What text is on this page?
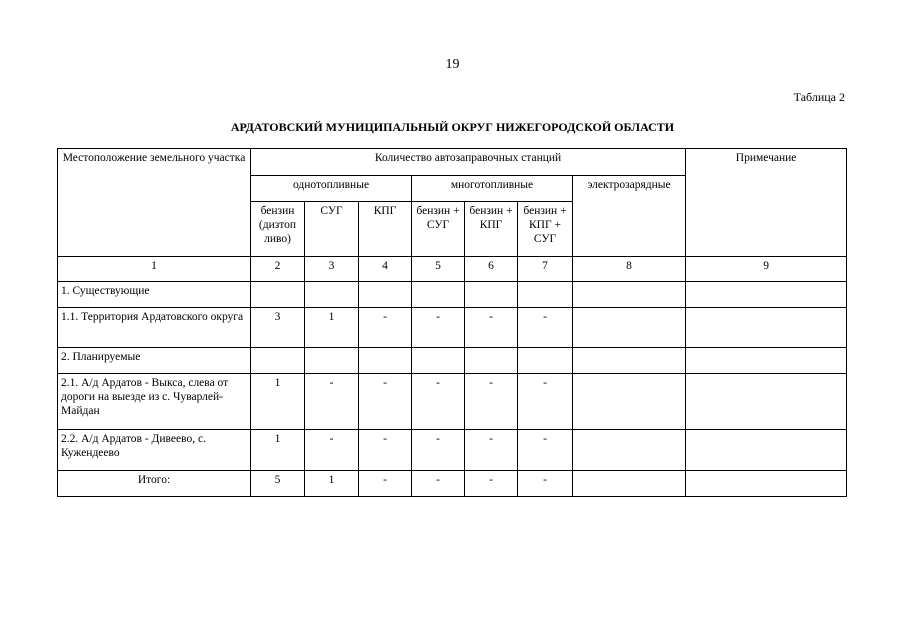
19
Таблица 2
АРДАТОВСКИЙ МУНИЦИПАЛЬНЫЙ ОКРУГ НИЖЕГОРОДСКОЙ ОБЛАСТИ
Местоположение земельного участка	Количество автозаправочных станций							Примечание
	однотопливные			многотопливные			электрозарядные	
	бензин (дизтоп ливо)	СУГ	КПГ	бензин + СУГ	бензин + КПГ	бензин + КПГ + СУГ		
1	2	3	4	5	6	7	8	9
1. Существующие								
1.1. Территория Ардатовского округа	3	1	-	-	-	-		
2. Планируемые								
2.1. А/д Ардатов - Выкса, слева от дороги на выезде из с. Чуварлей-Майдан	1	-	-	-	-	-		
2.2. А/д Ардатов - Дивеево, с. Кужендеево	1	-	-	-	-	-		
Итого:	5	1	-	-	-	-		
